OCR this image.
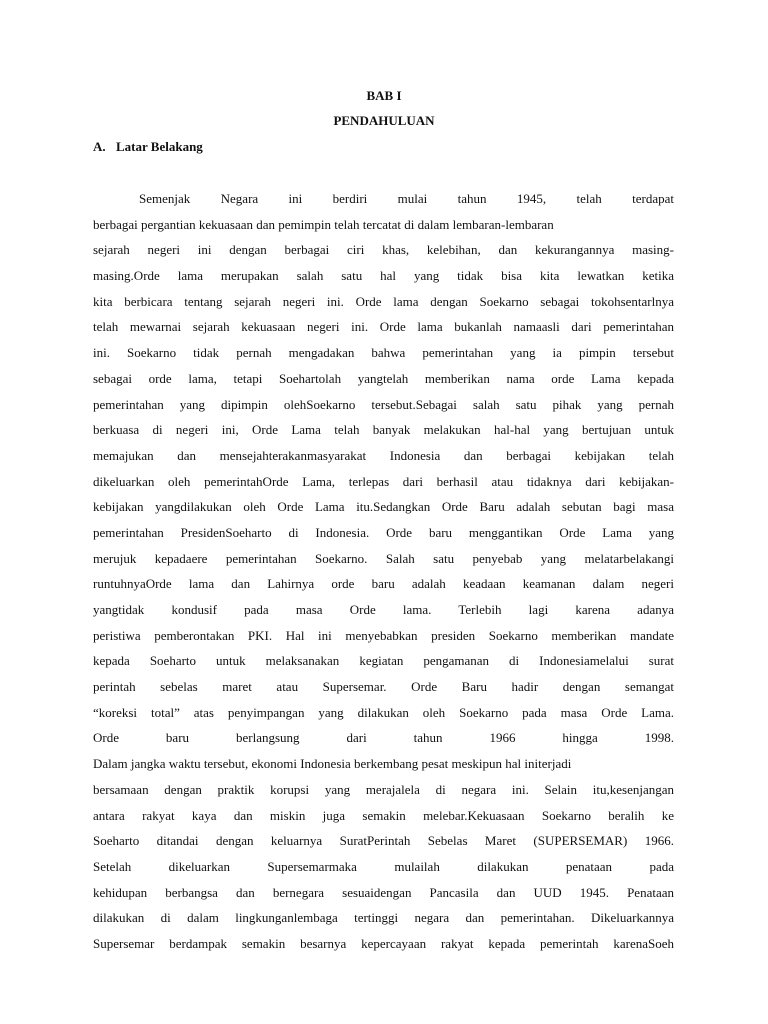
BAB I
PENDAHULUAN
A. Latar Belakang
Semenjak Negara ini berdiri mulai tahun 1945, telah terdapat
berbagai pergantian kekuasaan dan pemimpin telah tercatat di dalam lembaran-lembaran
sejarah negeri ini dengan berbagai ciri khas, kelebihan, dan kekurangannya masing-
masing.Orde lama merupakan salah satu hal yang tidak bisa kita lewatkan ketika
kita berbicara tentang sejarah negeri ini. Orde lama dengan Soekarno sebagai tokohsentarlnya
telah mewarnai sejarah kekuasaan negeri ini. Orde lama bukanlah namaasli dari pemerintahan
ini. Soekarno tidak pernah mengadakan bahwa pemerintahan yang ia pimpin tersebut
sebagai orde lama, tetapi Soehartolah yangtelah memberikan nama orde Lama kepada
pemerintahan yang dipimpin olehSoekarno tersebut.Sebagai salah satu pihak yang pernah
berkuasa di negeri ini, Orde Lama telah banyak melakukan hal-hal yang bertujuan untuk
memajukan dan mensejahterakanmasyarakat Indonesia dan berbagai kebijakan telah
dikeluarkan oleh pemerintahOrde Lama, terlepas dari berhasil atau tidaknya dari kebijakan-
kebijakan yangdilakukan oleh Orde Lama itu.Sedangkan Orde Baru adalah sebutan bagi masa
pemerintahan PresidenSoeharto di Indonesia. Orde baru menggantikan Orde Lama yang
merujuk kepadaere pemerintahan Soekarno. Salah satu penyebab yang melatarbelakangi
runtuhnyaOrde lama dan Lahirnya orde baru adalah keadaan keamanan dalam negeri
yangtidak kondusif pada masa Orde lama. Terlebih lagi karena adanya
peristiwa pemberontakan PKI. Hal ini menyebabkan presiden Soekarno memberikan mandate
kepada Soeharto untuk melaksanakan kegiatan pengamanan di Indonesiamelalui surat
perintah sebelas maret atau Supersemar. Orde Baru hadir dengan semangat
“koreksi total” atas penyimpangan yang dilakukan oleh Soekarno pada masa Orde Lama.
Orde baru berlangsung dari tahun 1966 hingga 1998.
Dalam jangka waktu tersebut, ekonomi Indonesia berkembang pesat meskipun hal initerjadi
bersamaan dengan praktik korupsi yang merajalela di negara ini. Selain itu,kesenjangan
antara rakyat kaya dan miskin juga semakin melebar.Kekuasaan Soekarno beralih ke
Soeharto ditandai dengan keluarnya SuratPerintah Sebelas Maret (SUPERSEMAR) 1966.
Setelah dikeluarkan Supersemarmaka mulailah dilakukan penataan pada
kehidupan berbangsa dan bernegara sesuaidengan Pancasila dan UUD 1945. Penataan
dilakukan di dalam lingkunganlembaga tertinggi negara dan pemerintahan. Dikeluarkannya
Supersemar berdampak semakin besarnya kepercayaan rakyat kepada pemerintah karenaSoeh
